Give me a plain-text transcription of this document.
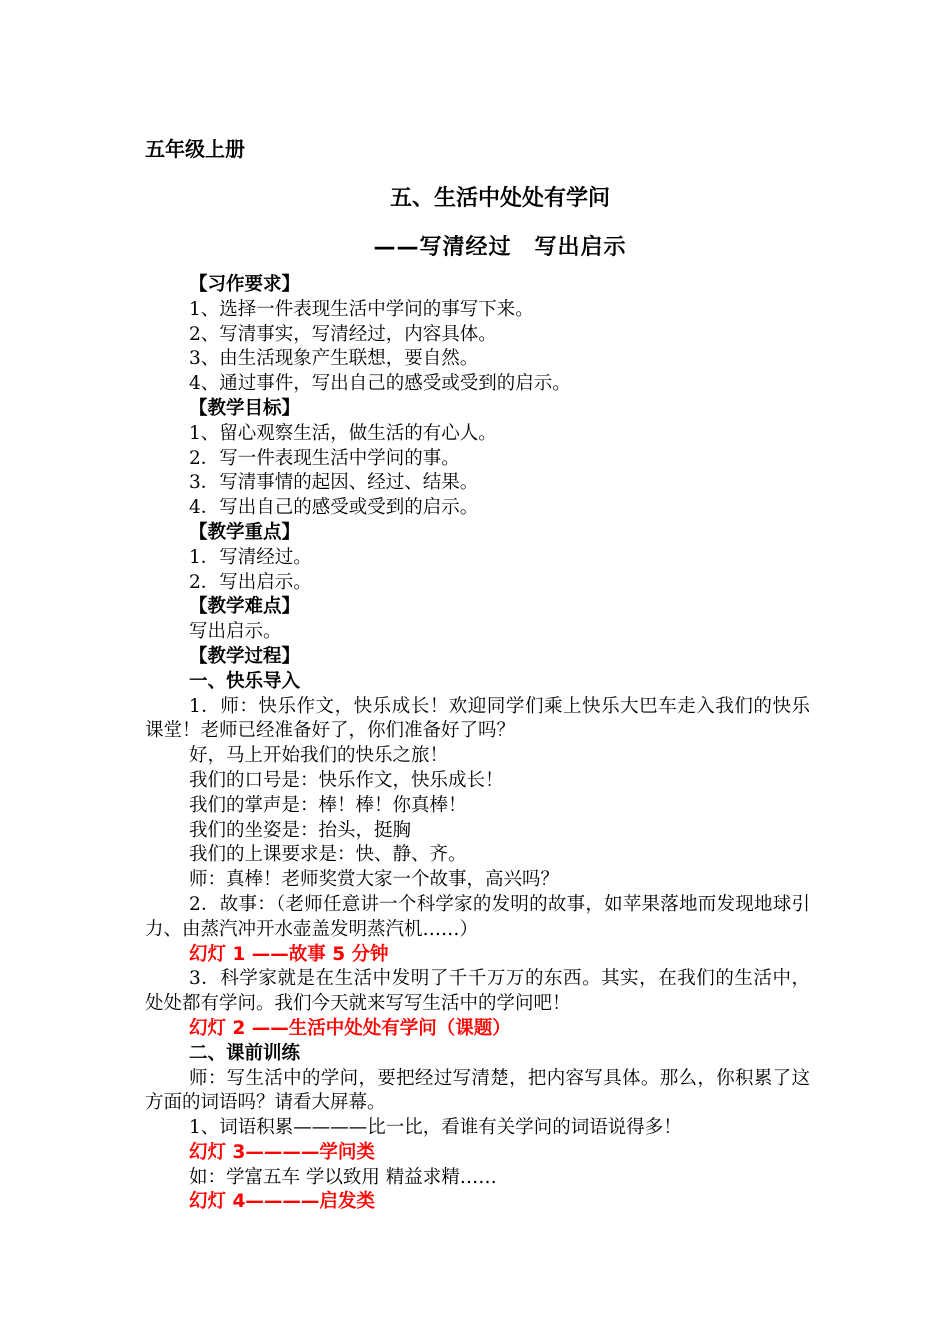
五年级上册
五、生活中处处有学问
——写清经过　写出启示
【习作要求】
1、选择一件表现生活中学问的事写下来。
2、写清事实，写清经过，内容具体。
3、由生活现象产生联想，要自然。
4、通过事件，写出自己的感受或受到的启示。
【教学目标】
1、留心观察生活，做生活的有心人。
2．写一件表现生活中学问的事。
3．写清事情的起因、经过、结果。
4．写出自己的感受或受到的启示。
【教学重点】
1．写清经过。
2．写出启示。
【教学难点】
写出启示。
【教学过程】
一、快乐导入
1．师：快乐作文，快乐成长！欢迎同学们乘上快乐大巴车走入我们的快乐课堂！老师已经准备好了，你们准备好了吗？
好，马上开始我们的快乐之旅！
我们的口号是：快乐作文，快乐成长！
我们的掌声是：棒！棒！你真棒！
我们的坐姿是：抬头，挺胸
我们的上课要求是：快、静、齐。
师：真棒！老师奖赏大家一个故事，高兴吗？
2．故事：（老师任意讲一个科学家的发明的故事，如苹果落地而发现地球引力、由蒸汽冲开水壶盖发明蒸汽机……）
幻灯 1 ——故事 5 分钟
3．科学家就是在生活中发明了千千万万的东西。其实，在我们的生活中，处处都有学问。我们今天就来写写生活中的学问吧！
幻灯 2 ——生活中处处有学问（课题）
二、课前训练
师：写生活中的学问，要把经过写清楚，把内容写具体。那么，你积累了这方面的词语吗？请看大屏幕。
1、词语积累————比一比，看谁有关学问的词语说得多！
幻灯 3————学问类
如：学富五车 学以致用 精益求精……
幻灯 4————启发类
